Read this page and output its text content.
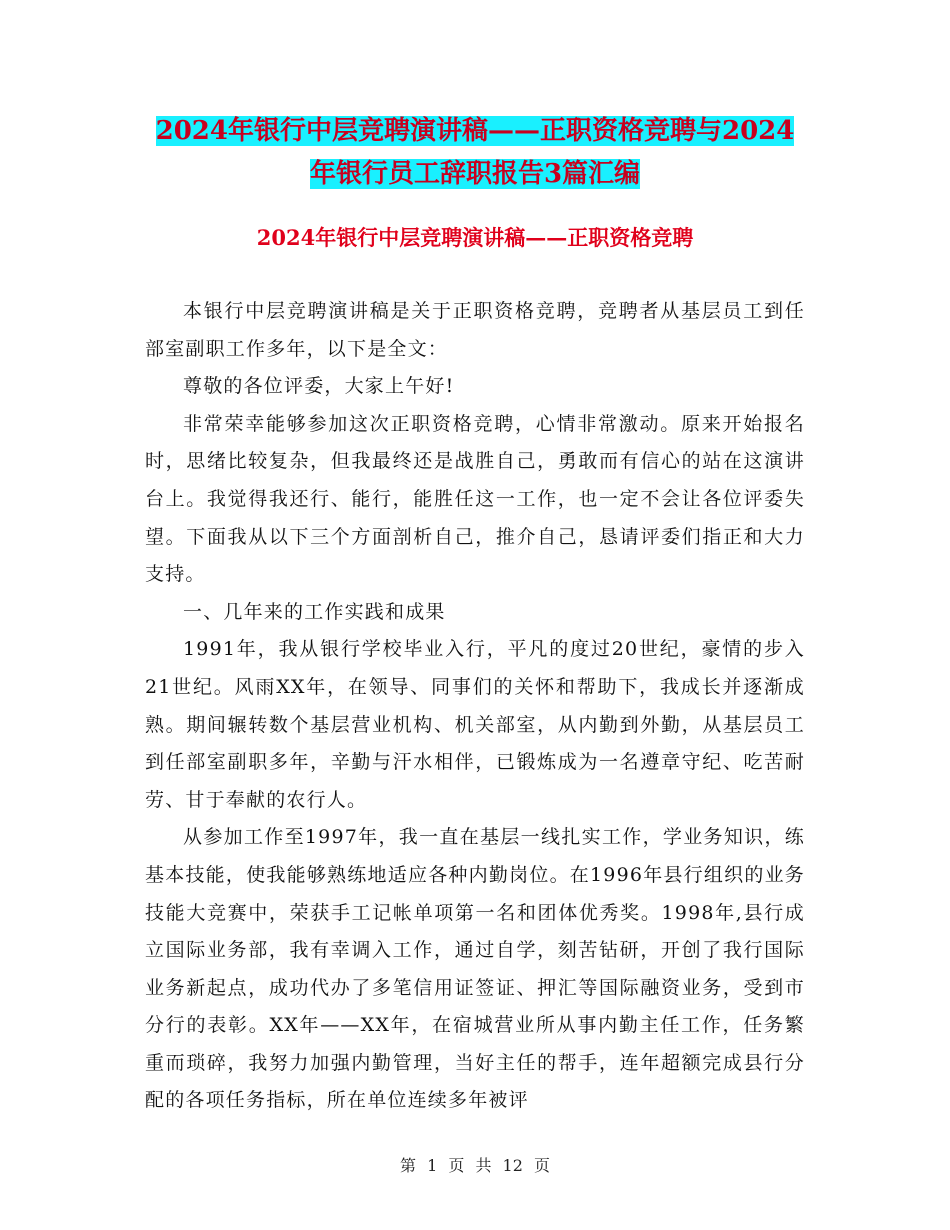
2024年银行中层竞聘演讲稿——正职资格竞聘与2024
年银行员工辞职报告3篇汇编
2024年银行中层竞聘演讲稿——正职资格竞聘

本银行中层竞聘演讲稿是关于正职资格竞聘，竞聘者从基层员工到任部室副职工作多年，以下是全文：

尊敬的各位评委，大家上午好!

非常荣幸能够参加这次正职资格竞聘，心情非常激动。原来开始报名时，思绪比较复杂，但我最终还是战胜自己，勇敢而有信心的站在这演讲台上。我觉得我还行、能行，能胜任这一工作，也一定不会让各位评委失望。下面我从以下三个方面剖析自己，推介自己，恳请评委们指正和大力支持。

一、几年来的工作实践和成果

1991年，我从银行学校毕业入行，平凡的度过20世纪，豪情的步入21世纪。风雨XX年，在领导、同事们的关怀和帮助下，我成长并逐渐成熟。期间辗转数个基层营业机构、机关部室，从内勤到外勤，从基层员工到任部室副职多年，辛勤与汗水相伴，已锻炼成为一名遵章守纪、吃苦耐劳、甘于奉献的农行人。

从参加工作至1997年，我一直在基层一线扎实工作，学业务知识，练基本技能，使我能够熟练地适应各种内勤岗位。在1996年县行组织的业务技能大竞赛中，荣获手工记帐单项第一名和团体优秀奖。1998年,县行成立国际业务部，我有幸调入工作，通过自学，刻苦钻研，开创了我行国际业务新起点，成功代办了多笔信用证签证、押汇等国际融资业务，受到市分行的表彰。XX年——XX年，在宿城营业所从事内勤主任工作，任务繁重而琐碎，我努力加强内勤管理，当好主任的帮手，连年超额完成县行分配的各项任务指标，所在单位连续多年被评

第 1 页 共 12 页
